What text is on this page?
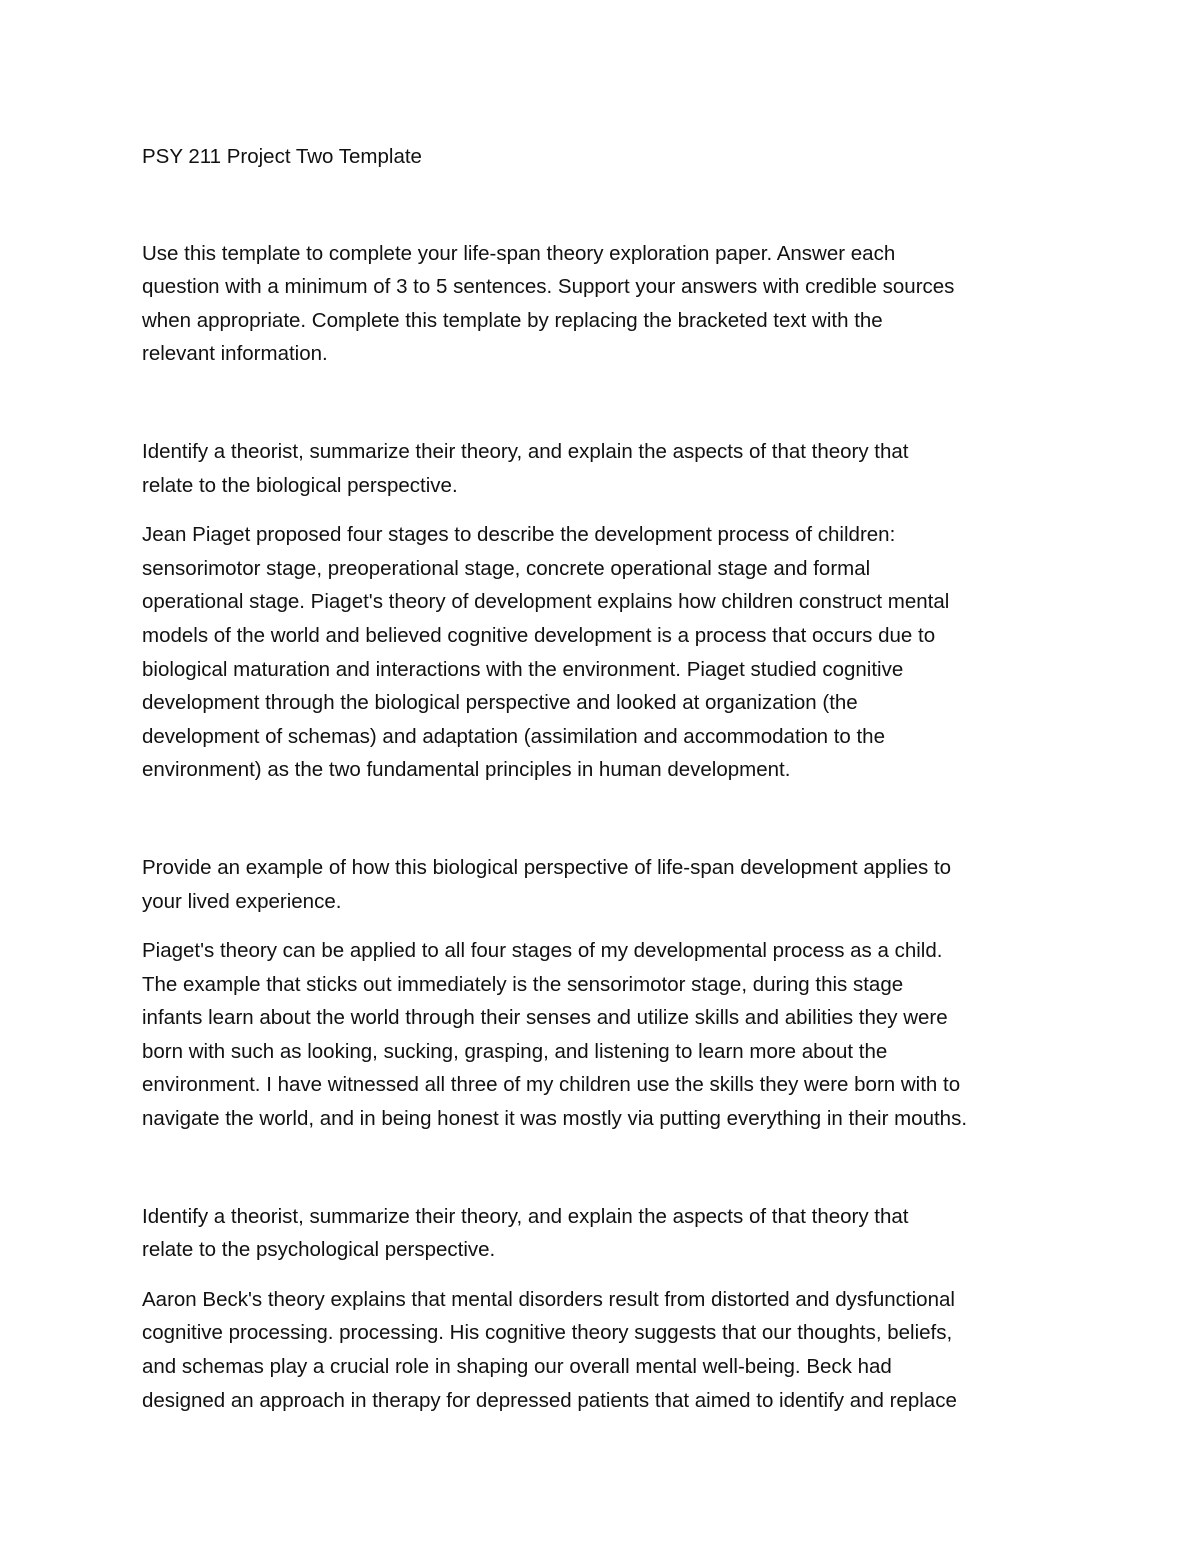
PSY 211 Project Two Template
Use this template to complete your life-span theory exploration paper. Answer each
question with a minimum of 3 to 5 sentences. Support your answers with credible sources
when appropriate. Complete this template by replacing the bracketed text with the
relevant information.
Identify a theorist, summarize their theory, and explain the aspects of that theory that
relate to the biological perspective.
Jean Piaget proposed four stages to describe the development process of children:
sensorimotor stage, preoperational stage, concrete operational stage and formal
operational stage. Piaget's theory of development explains how children construct mental
models of the world and believed cognitive development is a process that occurs due to
biological maturation and interactions with the environment. Piaget studied cognitive
development through the biological perspective and looked at organization (the
development of schemas) and adaptation (assimilation and accommodation to the
environment) as the two fundamental principles in human development.
Provide an example of how this biological perspective of life-span development applies to
your lived experience.
Piaget's theory can be applied to all four stages of my developmental process as a child.
The example that sticks out immediately is the sensorimotor stage, during this stage
infants learn about the world through their senses and utilize skills and abilities they were
born with such as looking, sucking, grasping, and listening to learn more about the
environment. I have witnessed all three of my children use the skills they were born with to
navigate the world, and in being honest it was mostly via putting everything in their mouths.
Identify a theorist, summarize their theory, and explain the aspects of that theory that
relate to the psychological perspective.
Aaron Beck's theory explains that mental disorders result from distorted and dysfunctional
cognitive processing. processing. His cognitive theory suggests that our thoughts, beliefs,
and schemas play a crucial role in shaping our overall mental well-being. Beck had
designed an approach in therapy for depressed patients that aimed to identify and replace
